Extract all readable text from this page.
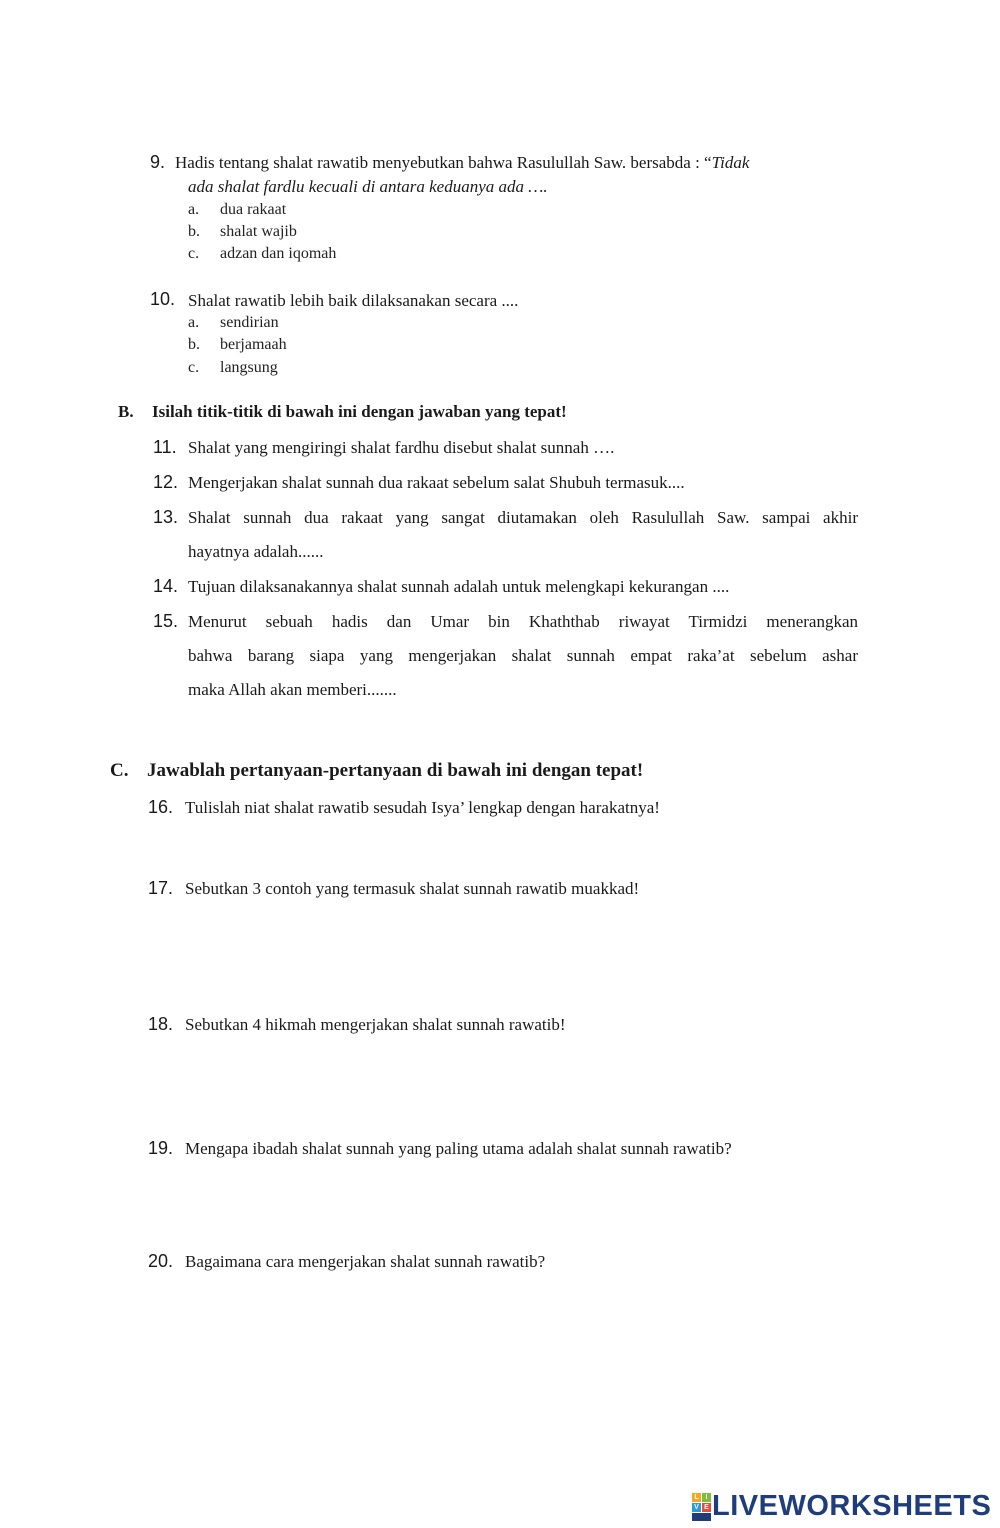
9. Hadis tentang shalat rawatib menyebutkan bahwa Rasulullah Saw. bersabda : “Tidak
ada shalat fardlu kecuali di antara keduanya ada ….
a. dua rakaat
b. shalat wajib
c. adzan dan iqomah
10. Shalat rawatib lebih baik dilaksanakan secara ....
a. sendirian
b. berjamaah
c. langsung
B. Isilah titik-titik di bawah ini dengan jawaban yang tepat!
11. Shalat yang mengiringi shalat fardhu disebut shalat sunnah ….
12. Mengerjakan shalat sunnah dua rakaat sebelum salat Shubuh termasuk....
13. Shalat sunnah dua rakaat yang sangat diutamakan oleh Rasulullah Saw. sampai akhir
hayatnya adalah......
14. Tujuan dilaksanakannya shalat sunnah adalah untuk melengkapi kekurangan ....
15. Menurut sebuah hadis dan Umar bin Khaththab riwayat Tirmidzi menerangkan
bahwa barang siapa yang mengerjakan shalat sunnah empat raka’at sebelum ashar
maka Allah akan memberi.......
C. Jawablah pertanyaan-pertanyaan di bawah ini dengan tepat!
16. Tulislah niat shalat rawatib sesudah Isya’ lengkap dengan harakatnya!
17. Sebutkan 3 contoh yang termasuk shalat sunnah rawatib muakkad!
18. Sebutkan 4 hikmah mengerjakan shalat sunnah rawatib!
19. Mengapa ibadah shalat sunnah yang paling utama adalah shalat sunnah rawatib?
20. Bagaimana cara mengerjakan shalat sunnah rawatib?
L I
V E LIVEWORKSHEETS
